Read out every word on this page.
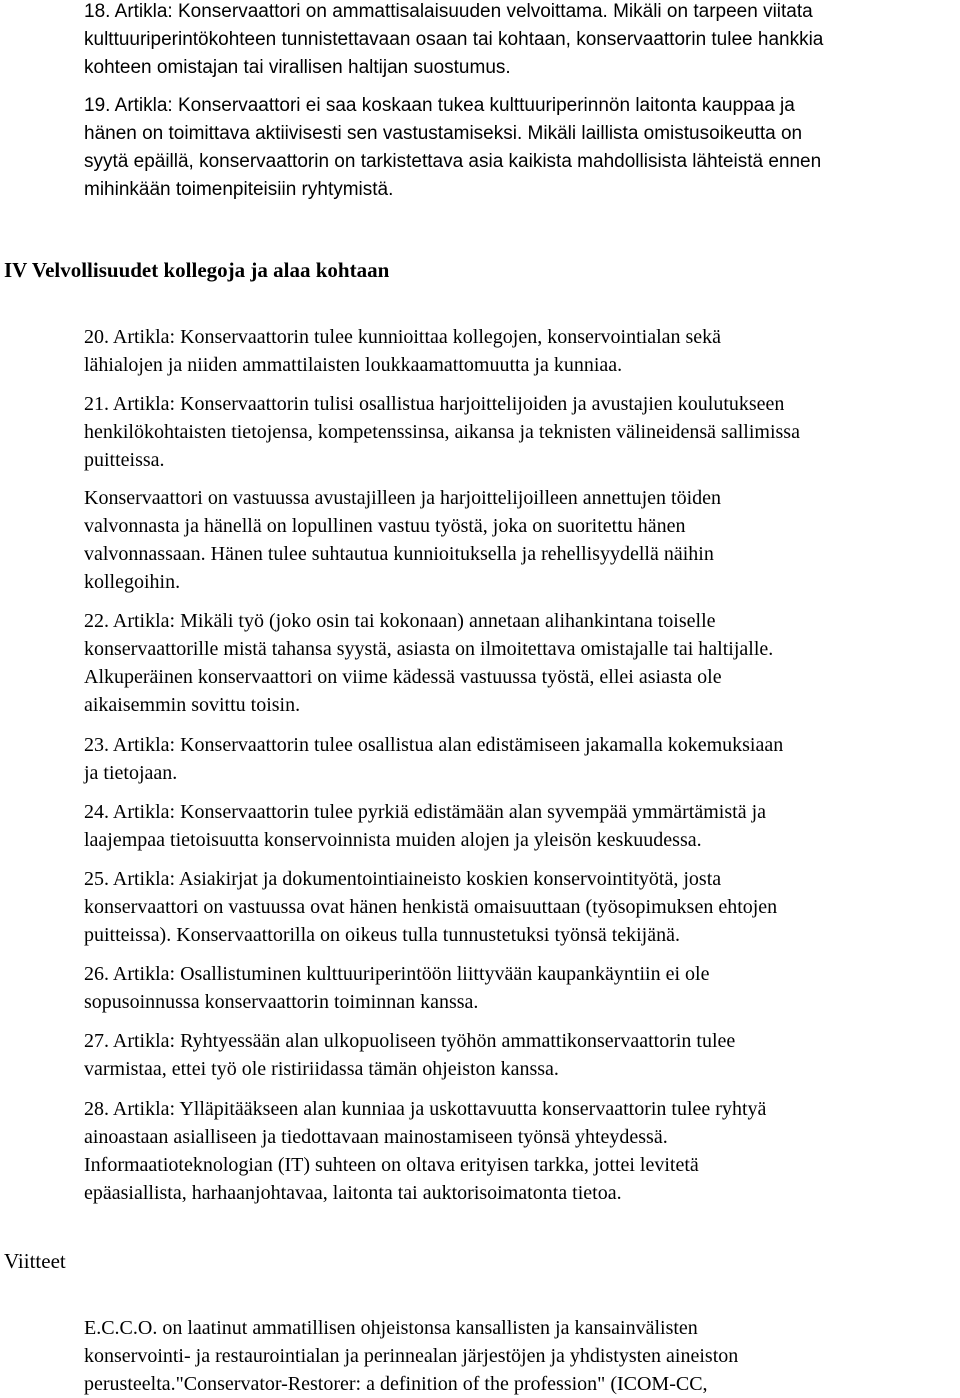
18. Artikla: Konservaattori on ammattisalaisuuden velvoittama. Mikäli on tarpeen viitata
kulttuuriperintökohteen tunnistettavaan osaan tai kohtaan, konservaattorin tulee hankkia
kohteen omistajan tai virallisen haltijan suostumus.
19. Artikla: Konservaattori ei saa koskaan tukea kulttuuriperinnön laitonta kauppaa ja
hänen on toimittava aktiivisesti sen vastustamiseksi. Mikäli laillista omistusoikeutta on
syytä epäillä, konservaattorin on tarkistettava asia kaikista mahdollisista lähteistä ennen
mihinkään toimenpiteisiin ryhtymistä.
IV Velvollisuudet kollegoja ja alaa kohtaan
20. Artikla: Konservaattorin tulee kunnioittaa kollegojen, konservointialan sekä
lähialojen ja niiden ammattilaisten loukkaamattomuutta ja kunniaa.
21. Artikla: Konservaattorin tulisi osallistua harjoittelijoiden ja avustajien koulutukseen
henkilökohtaisten tietojensa, kompetenssinsa, aikansa ja teknisten välineidensä sallimissa
puitteissa.
Konservaattori on vastuussa avustajilleen ja harjoittelijoilleen annettujen töiden
valvonnasta ja hänellä on lopullinen vastuu työstä, joka on suoritettu hänen
valvonnassaan. Hänen tulee suhtautua kunnioituksella ja rehellisyydellä näihin
kollegoihin.
22. Artikla: Mikäli työ (joko osin tai kokonaan) annetaan alihankintana toiselle
konservaattorille mistä tahansa syystä, asiasta on ilmoitettava omistajalle tai haltijalle.
Alkuperäinen konservaattori on viime kädessä vastuussa työstä, ellei asiasta ole
aikaisemmin sovittu toisin.
23. Artikla: Konservaattorin tulee osallistua alan edistämiseen jakamalla kokemuksiaan
ja tietojaan.
24. Artikla: Konservaattorin tulee pyrkiä edistämään alan syvempää ymmärtämistä ja
laajempaa tietoisuutta konservoinnista muiden alojen ja yleisön keskuudessa.
25. Artikla: Asiakirjat ja dokumentointiaineisto koskien konservointityötä, josta
konservaattori on vastuussa ovat hänen henkistä omaisuuttaan (työsopimuksen ehtojen
puitteissa). Konservaattorilla on oikeus tulla tunnustetuksi työnsä tekijänä.
26. Artikla: Osallistuminen kulttuuriperintöön liittyvään kaupankäyntiin ei ole
sopusoinnussa konservaattorin toiminnan kanssa.
27. Artikla: Ryhtyessään alan ulkopuoliseen työhön ammattikonservaattorin tulee
varmistaa, ettei työ ole ristiriidassa tämän ohjeiston kanssa.
28. Artikla: Ylläpitääkseen alan kunniaa ja uskottavuutta konservaattorin tulee ryhtyä
ainoastaan asialliseen ja tiedottavaan mainostamiseen työnsä yhteydessä.
Informaatioteknologian (IT) suhteen on oltava erityisen tarkka, jottei levitetä
epäasiallista, harhaanjohtavaa, laitonta tai auktorisoimatonta tietoa.
Viitteet
E.C.C.O. on laatinut ammatillisen ohjeistonsa kansallisten ja kansainvälisten
konservointi- ja restaurointialan ja perinnealan järjestöjen ja yhdistysten aineiston
perusteelta."Conservator-Restorer: a definition of the profession" (ICOM-CC,
